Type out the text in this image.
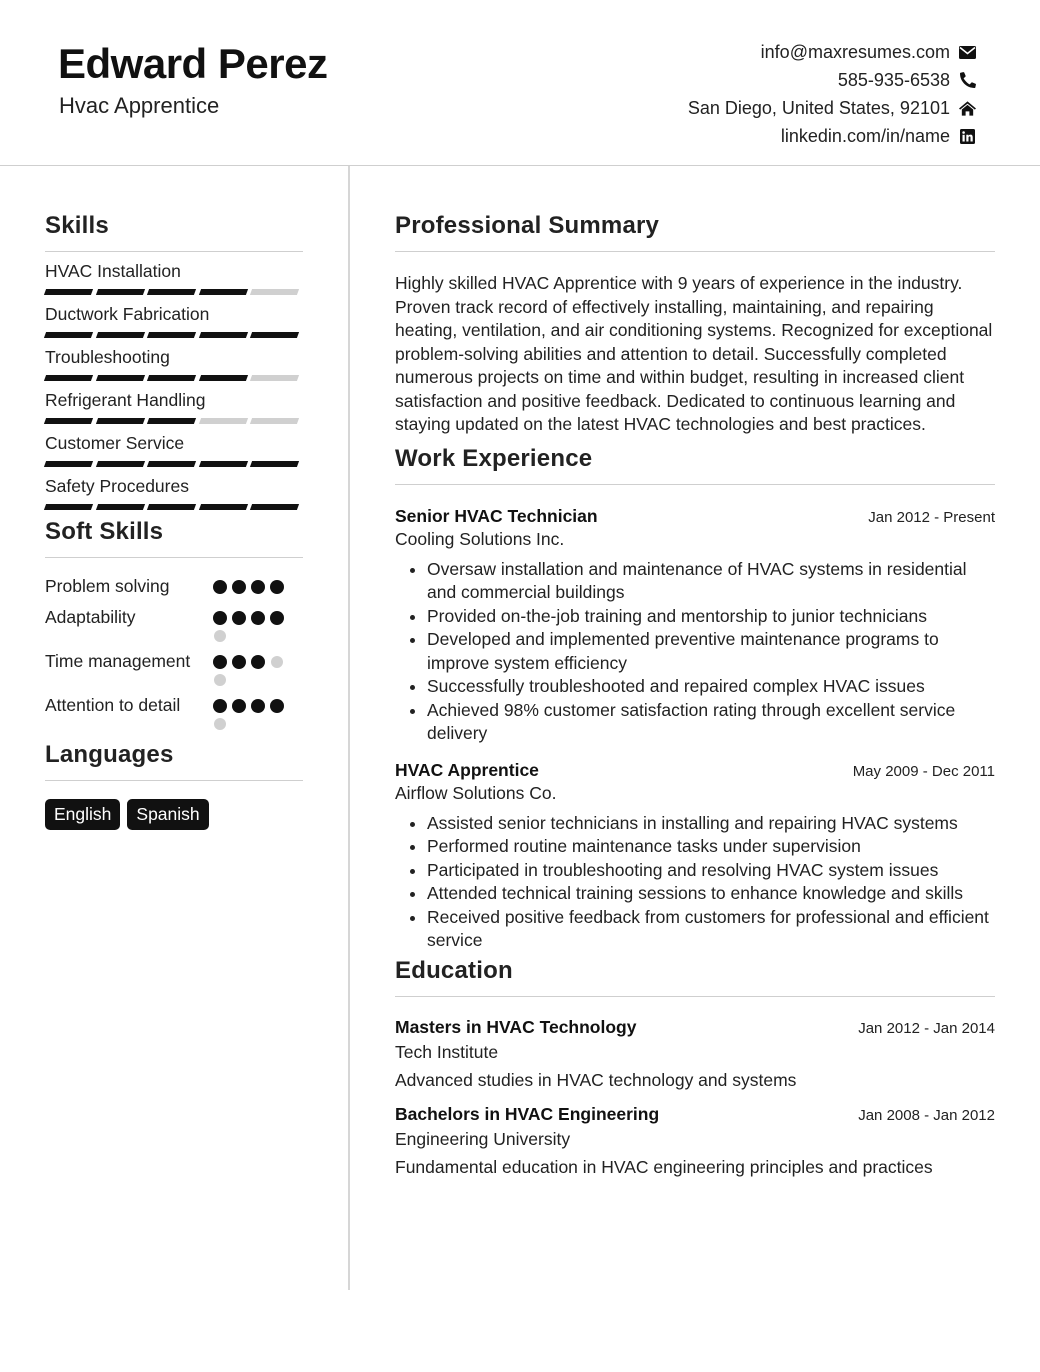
Edward Perez
Hvac Apprentice
info@maxresumes.com
585-935-6538
San Diego, United States, 92101
linkedin.com/in/name
Skills
HVAC Installation
Ductwork Fabrication
Troubleshooting
Refrigerant Handling
Customer Service
Safety Procedures
Soft Skills
Problem solving
Adaptability
Time management
Attention to detail
Languages
English	Spanish
Professional Summary
Highly skilled HVAC Apprentice with 9 years of experience in the industry. Proven track record of effectively installing, maintaining, and repairing heating, ventilation, and air conditioning systems. Recognized for exceptional problem-solving abilities and attention to detail. Successfully completed numerous projects on time and within budget, resulting in increased client satisfaction and positive feedback. Dedicated to continuous learning and staying updated on the latest HVAC technologies and best practices.
Work Experience
Senior HVAC Technician	Jan 2012 - Present
Cooling Solutions Inc.
• Oversaw installation and maintenance of HVAC systems in residential and commercial buildings
• Provided on-the-job training and mentorship to junior technicians
• Developed and implemented preventive maintenance programs to improve system efficiency
• Successfully troubleshooted and repaired complex HVAC issues
• Achieved 98% customer satisfaction rating through excellent service delivery
HVAC Apprentice	May 2009 - Dec 2011
Airflow Solutions Co.
• Assisted senior technicians in installing and repairing HVAC systems
• Performed routine maintenance tasks under supervision
• Participated in troubleshooting and resolving HVAC system issues
• Attended technical training sessions to enhance knowledge and skills
• Received positive feedback from customers for professional and efficient service
Education
Masters in HVAC Technology	Jan 2012 - Jan 2014
Tech Institute
Advanced studies in HVAC technology and systems
Bachelors in HVAC Engineering	Jan 2008 - Jan 2012
Engineering University
Fundamental education in HVAC engineering principles and practices
